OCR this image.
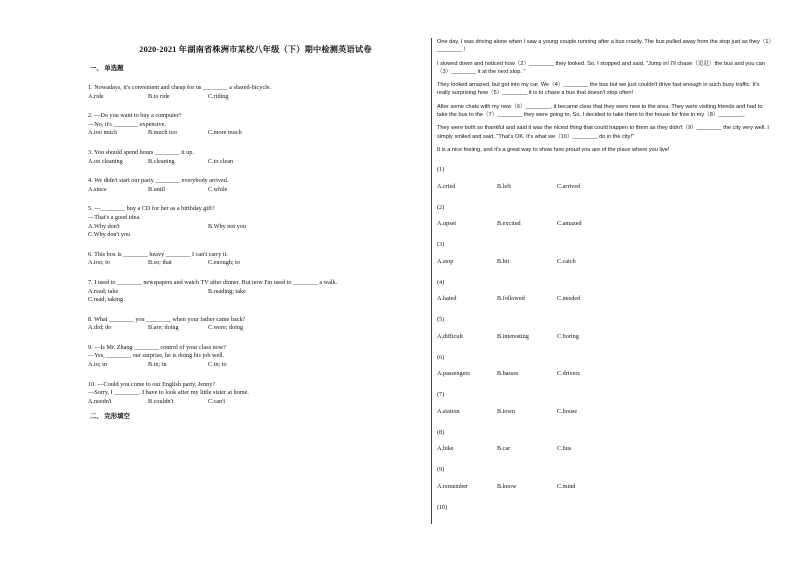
2020-2021 年湖南省株洲市某校八年级（下）期中检测英语试卷
一、 单选题
1. Nowadays, it's convenient and cheap for us ________ a shared-bicycle.
A.ride	B.to ride	C.riding
2. —Do you want to buy a computer?
—No, it's ________ expensive.
A.too much	B.much too	C.more much
3. You should spend hours ________ it up.
A.on cleaning	B.cleaning	C.to clean
4. We didn't start our party ________ everybody arrived.
A.since	B.until	C.while
5. —________ buy a CD for her as a birthday gift?
—That's a good idea.
A.Why don't	B.Why not you
C.Why don't you
6. This box is ________ heavy ________ I can't carry it.
A.too; to	B.so; that	C.enough; to
7. I used to ________ newspapers and watch TV after dinner. But now I'm used to ________ a walk.
A.read; take	B.reading; take
C.read; taking
8. What ________ you ________ when your father came back?
A.did; do	B.are; doing	C.were; doing
9. —Is Mr. Zhang ________ control of your class now?
—Yes, ________ our surprise, he is doing his job well.
A.to; in	B.in; in	C.in; to
10. —Could you come to our English party, Jenny?
—Sorry, I ________. I have to look after my little sister at home.
A.needn't	B.couldn't	C.can't
二、 完形填空
One day, I was driving alone when I saw a young couple running after a bus crazily. The bus pulled away from the stop just as they（1）________ !
I slowed down and noticed how（2）________ they looked. So, I stopped and said, "Jump in! I'll chase（追赶）the bus and you can（3）________ it at the next stop. "
They looked amazed, but got into my car. We（4）________ the bus but we just couldn't drive fast enough in such busy traffic. It's really surprising how（5）________ it is to chase a bus that doesn't stop often!
After some chats with my new（6）________, it became clear that they were new to the area. They were visiting friends and had to take the bus to the（7）________ they were going to, So, I decided to take them to the house for free in my（8）________.
They were both so thankful and said it was the nicest thing that could happen to them as they didn't（9）________ the city very well. I simply smiled and said, "That's OK. It's what we（10）________ do in the city!"
It is a nice feeling, and it's a great way to show how proud you are of the place where you live!
(1)
A.cried	B.left	C.arrived
(2)
A.upset	B.excited	C.amazed
(3)
A.stop	B.hit	C.catch
(4)
A.hated	B.followed	C.needed
(5)
A.difficult	B.interesting	C.boring
(6)
A.passengers	B.basses	C.drivers
(7)
A.station	B.town	C.house
(8)
A.bike	B.car	C.bus
(9)
A.remember	B.know	C.mind
(10)
